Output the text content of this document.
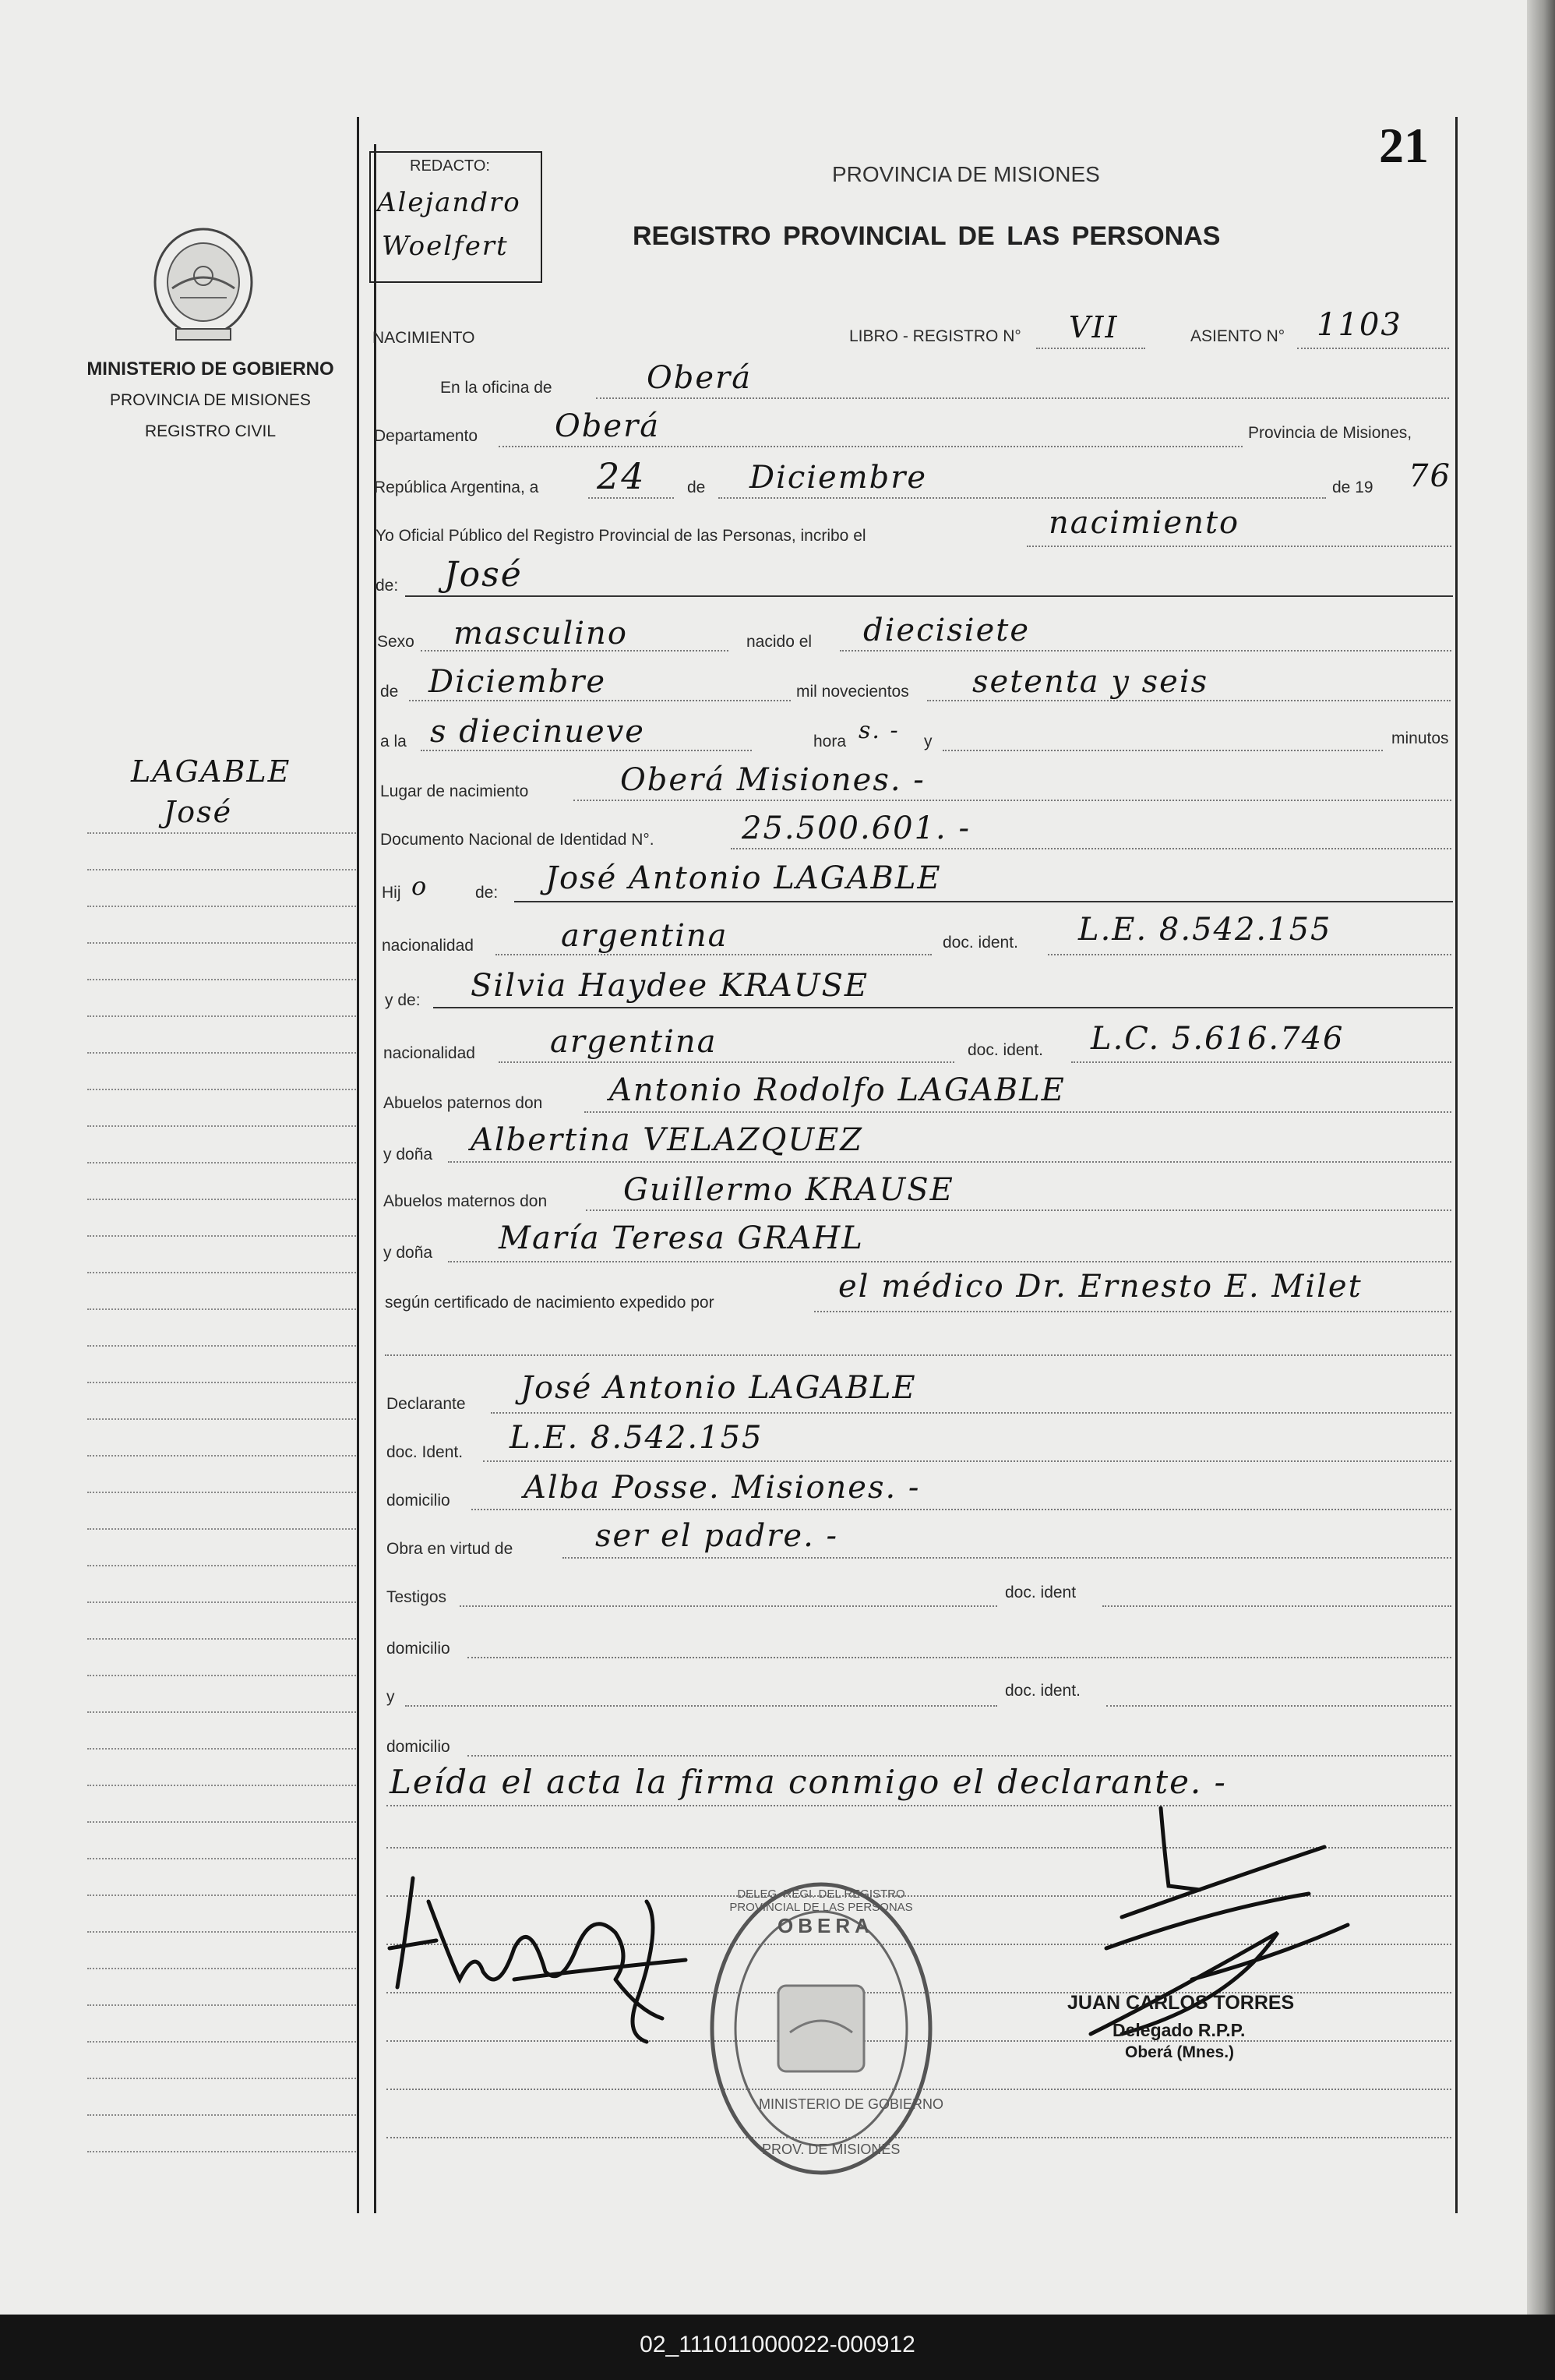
21
REDACTO:
Alejandro
Woelfert
PROVINCIA DE MISIONES
REGISTRO PROVINCIAL DE LAS PERSONAS
MINISTERIO DE GOBIERNO
PROVINCIA DE MISIONES
REGISTRO CIVIL
LAGABLE
José
NACIMIENTO	LIBRO - REGISTRO N° VII	ASIENTO N° 1103
En la oficina de	Oberá
Departamento Oberá	Provincia de Misiones,
República Argentina, a 24	de Diciembre	de 19 76
Yo Oficial Público del Registro Provincial de las Personas, incribo el	nacimiento
de: José
Sexo masculino	nacido el diecisiete
de Diciembre	mil novecientos setenta y seis
a la s diecinueve	hora s. - y	minutos
Lugar de nacimiento	Oberá Misiones. -
Documento Nacional de Identidad N°.	25.500.601. -
Hij o	de: José Antonio LAGABLE
nacionalidad	argentina	doc. ident. L.E. 8.542.155
y de: Silvia Haydee KRAUSE
nacionalidad argentina	doc. ident. L.C. 5.616.746
Abuelos paternos don Antonio Rodolfo LAGABLE
y doña Albertina VELAZQUEZ
Abuelos maternos don Guillermo KRAUSE
y doña María Teresa GRAHL
según certificado de nacimiento expedido por	el médico Dr. Ernesto E. Milet
Declarante José Antonio LAGABLE
doc. Ident. L.E. 8.542.155
domicilio Alba Posse. Misiones. -
Obra en virtud de	ser el padre. -
Testigos	doc. ident
domicilio
y	doc. ident.
domicilio
Leída el acta la firma conmigo el declarante. -
JUAN CARLOS TORRES
Delegado R.P.P.
Oberá (Mnes.)
OBERA
DELEG. REGI. DEL REGISTRO PROVINCIAL DE LAS PERSONAS
MINISTERIO DE GOBIERNO
PROV. DE MISIONES
02_111011000022-000912
